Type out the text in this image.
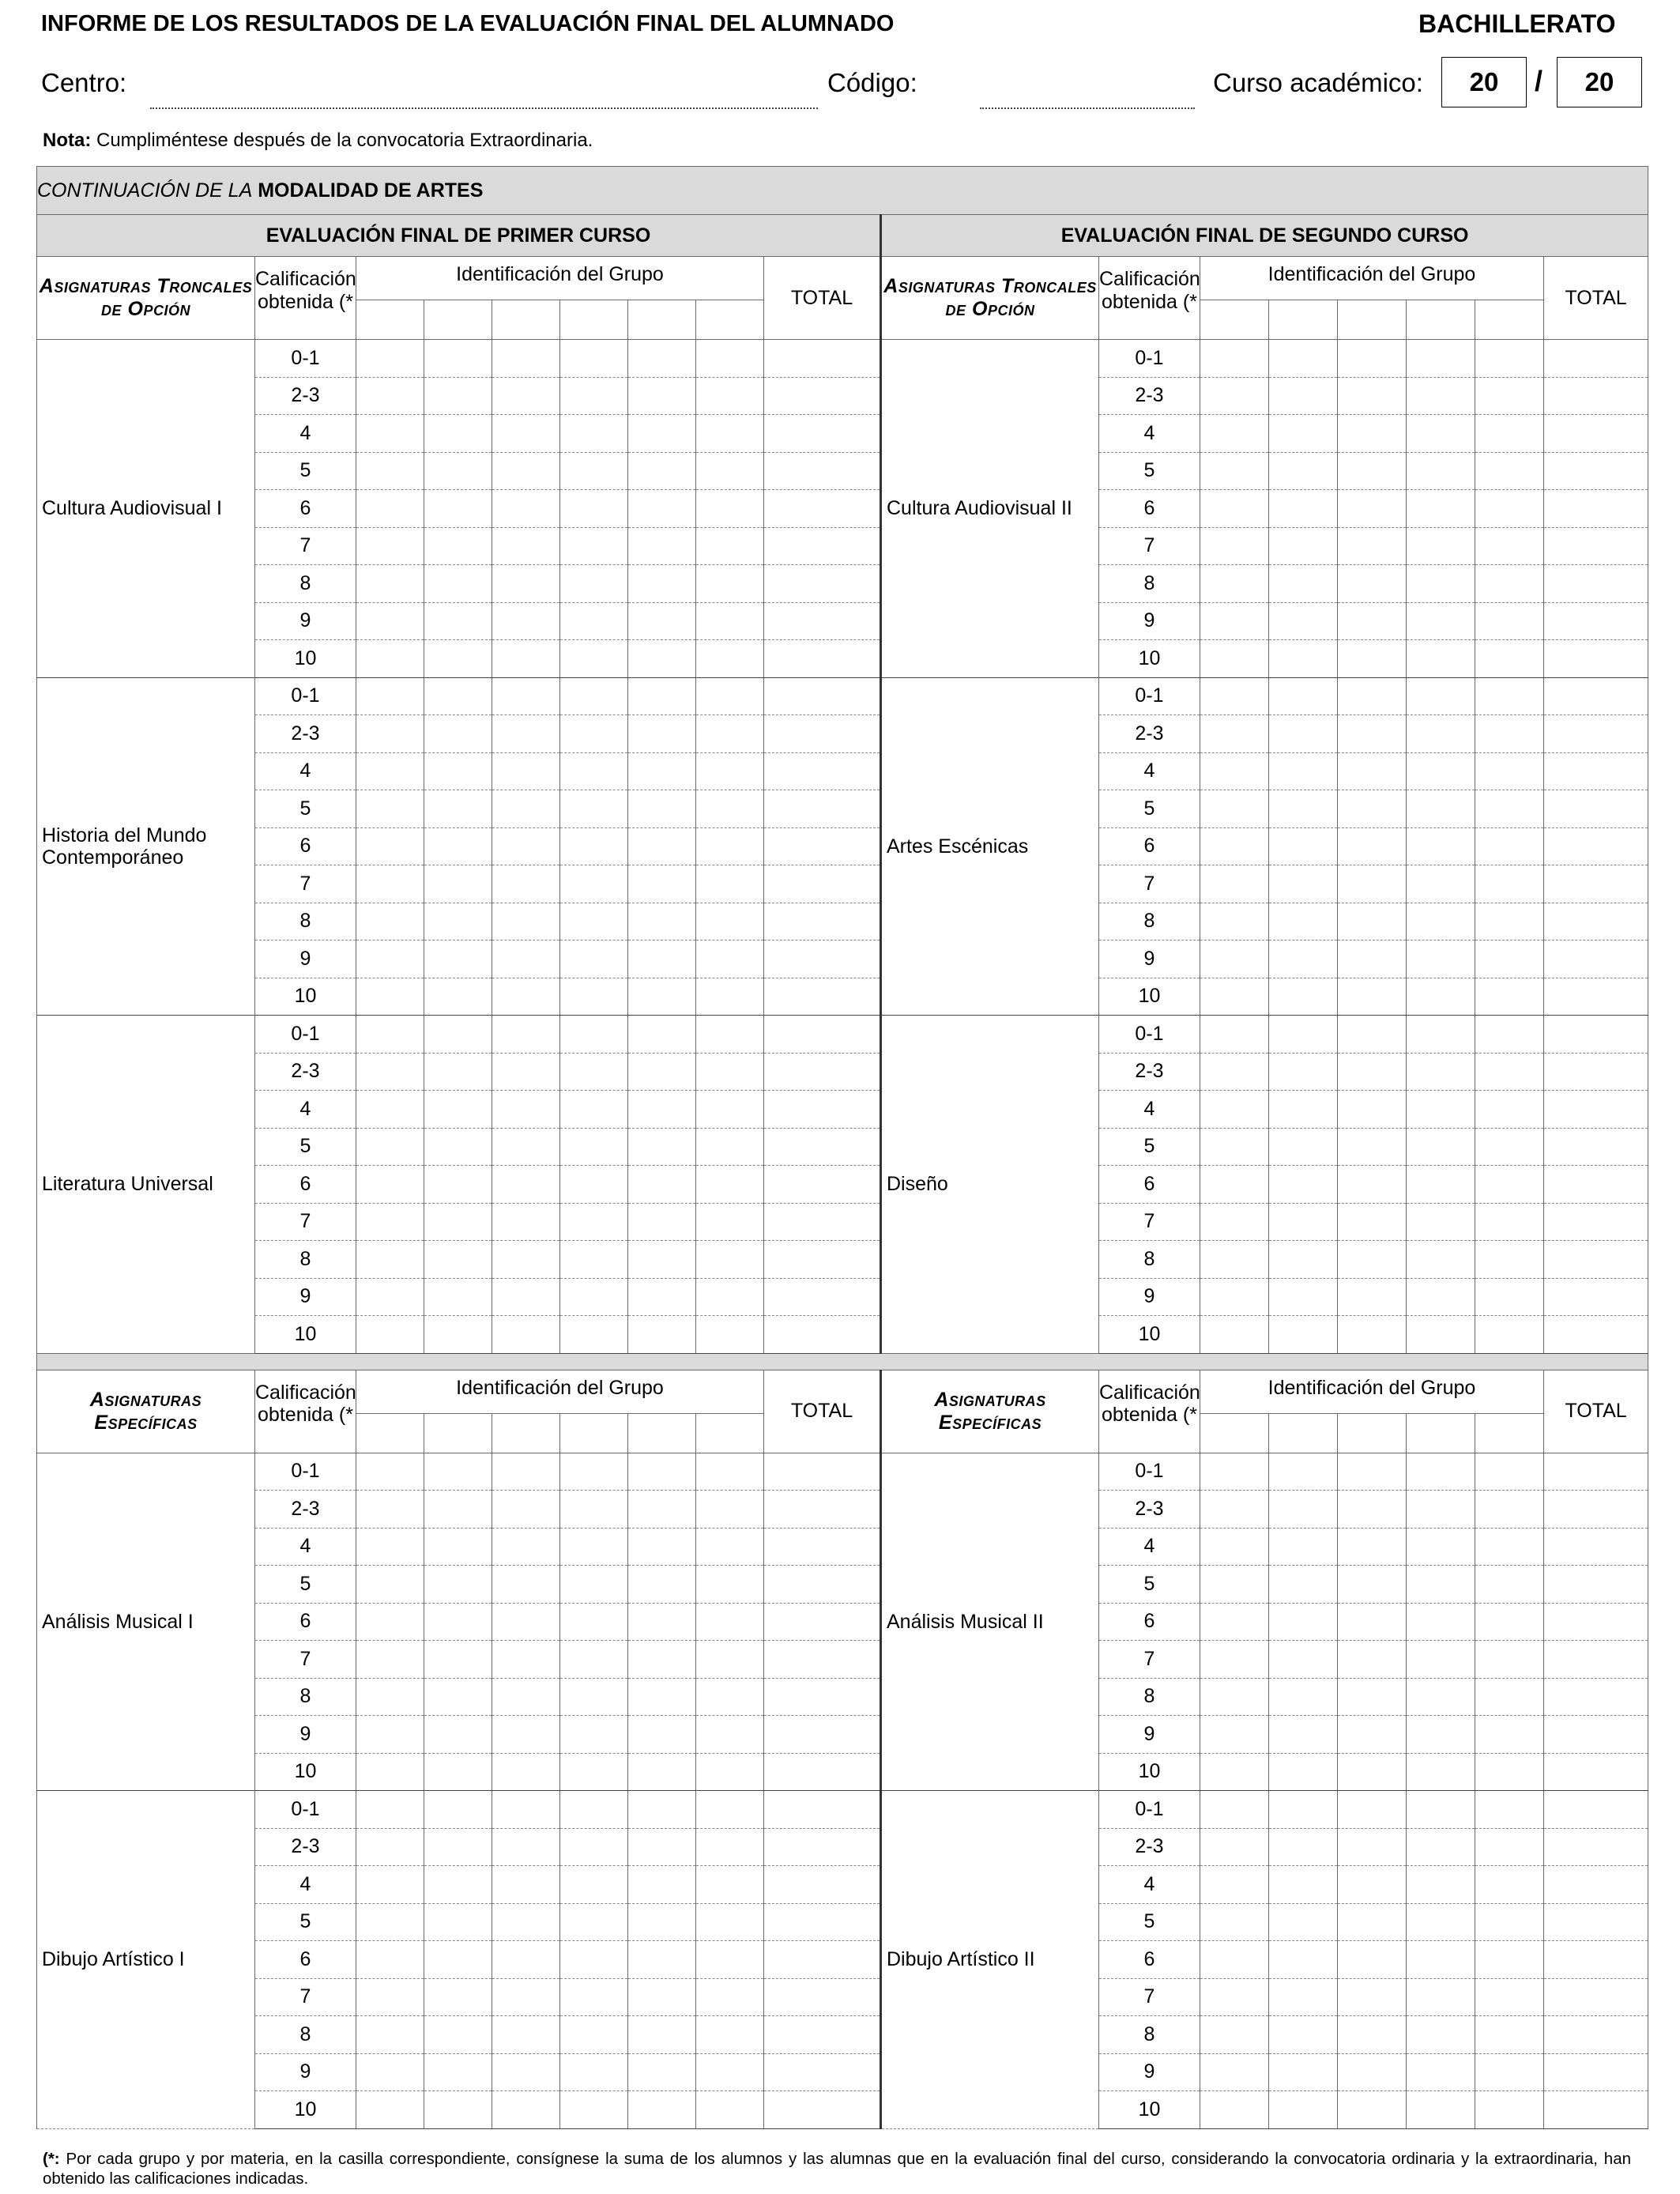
INFORME DE LOS RESULTADOS DE LA EVALUACIÓN FINAL DEL ALUMNADO	BACHILLERATO
Centro:	Código:	Curso académico:	20	/	20
Nota: Cumpliméntese después de la convocatoria Extraordinaria.
CONTINUACIÓN DE LA MODALIDAD DE ARTES																
EVALUACIÓN FINAL DE PRIMER CURSO									EVALUACIÓN FINAL DE SEGUNDO CURSO							
Asignaturas Troncales de Opción	Calificación obtenida (*	Identificación del Grupo						TOTAL	Asignaturas Troncales de Opción	Calificación obtenida (*	Identificación del Grupo					TOTAL

Cultura Audiovisual I	0-1								Cultura Audiovisual II	0-1						
	2-3									2-3						
	4									4						
	5									5						
	6									6						
	7									7						
	8									8						
	9									9						
	10									10						
Historia del Mundo Contemporáneo	0-1								Artes Escénicas	0-1						
	2-3									2-3						
	4									4						
	5									5						
	6									6						
	7									7						
	8									8						
	9									9						
	10									10						
Literatura Universal	0-1								Diseño	0-1						
	2-3									2-3						
	4									4						
	5									5						
	6									6						
	7									7						
	8									8						
	9									9						
	10									10						

Asignaturas Específicas	Calificación obtenida (*	Identificación del Grupo						TOTAL	Asignaturas Específicas	Calificación obtenida (*	Identificación del Grupo					TOTAL

Análisis Musical I	0-1								Análisis Musical II	0-1						
	2-3									2-3						
	4									4						
	5									5						
	6									6						
	7									7						
	8									8						
	9									9						
	10									10						
Dibujo Artístico I	0-1								Dibujo Artístico II	0-1						
	2-3									2-3						
	4									4						
	5									5						
	6									6						
	7									7						
	8									8						
	9									9						
	10									10						
(*: Por cada grupo y por materia, en la casilla correspondiente, consígnese la suma de los alumnos y las alumnas que en la evaluación final del curso, considerando la convocatoria ordinaria y la extraordinaria, han obtenido las calificaciones indicadas.
